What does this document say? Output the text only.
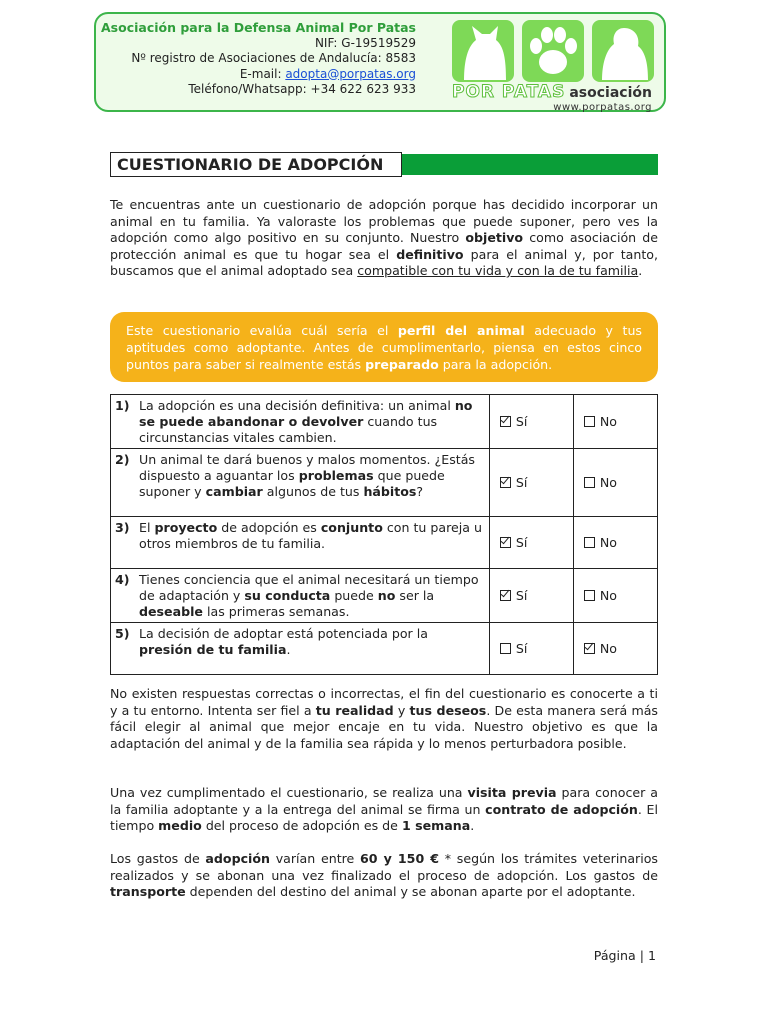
Asociación para la Defensa Animal Por Patas
NIF: G-19519529
Nº registro de Asociaciones de Andalucía: 8583
E-mail: adopta@porpatas.org
Teléfono/Whatsapp: +34 622 623 933 POR PATAS asociación
www.porpatas.org
CUESTIONARIO DE ADOPCIÓN
Te encuentras ante un cuestionario de adopción porque has decidido incorporar un animal en tu familia. Ya valoraste los problemas que puede suponer, pero ves la adopción como algo positivo en su conjunto. Nuestro objetivo como asociación de protección animal es que tu hogar sea el definitivo para el animal y, por tanto, buscamos que el animal adoptado sea compatible con tu vida y con la de tu familia.
Este cuestionario evalúa cuál sería el perfil del animal adecuado y tus aptitudes como adoptante. Antes de cumplimentarlo, piensa en estos cinco puntos para saber si realmente estás preparado para la adopción.
1) La adopción es una decisión definitiva: un animal no se puede abandonar o devolver cuando tus circunstancias vitales cambien.	Sí	No
2) Un animal te dará buenos y malos momentos. ¿Estás dispuesto a aguantar los problemas que puede suponer y cambiar algunos de tus hábitos?	Sí	No
3) El proyecto de adopción es conjunto con tu pareja u otros miembros de tu familia.	Sí	No
4) Tienes conciencia que el animal necesitará un tiempo de adaptación y su conducta puede no ser la deseable las primeras semanas.	Sí	No
5) La decisión de adoptar está potenciada por la presión de tu familia.	Sí	No
No existen respuestas correctas o incorrectas, el fin del cuestionario es conocerte a ti y a tu entorno. Intenta ser fiel a tu realidad y tus deseos. De esta manera será más fácil elegir al animal que mejor encaje en tu vida. Nuestro objetivo es que la adaptación del animal y de la familia sea rápida y lo menos perturbadora posible.
Una vez cumplimentado el cuestionario, se realiza una visita previa para conocer a la familia adoptante y a la entrega del animal se firma un contrato de adopción. El tiempo medio del proceso de adopción es de 1 semana.
Los gastos de adopción varían entre 60 y 150 € * según los trámites veterinarios realizados y se abonan una vez finalizado el proceso de adopción. Los gastos de transporte dependen del destino del animal y se abonan aparte por el adoptante.
Página | 1
